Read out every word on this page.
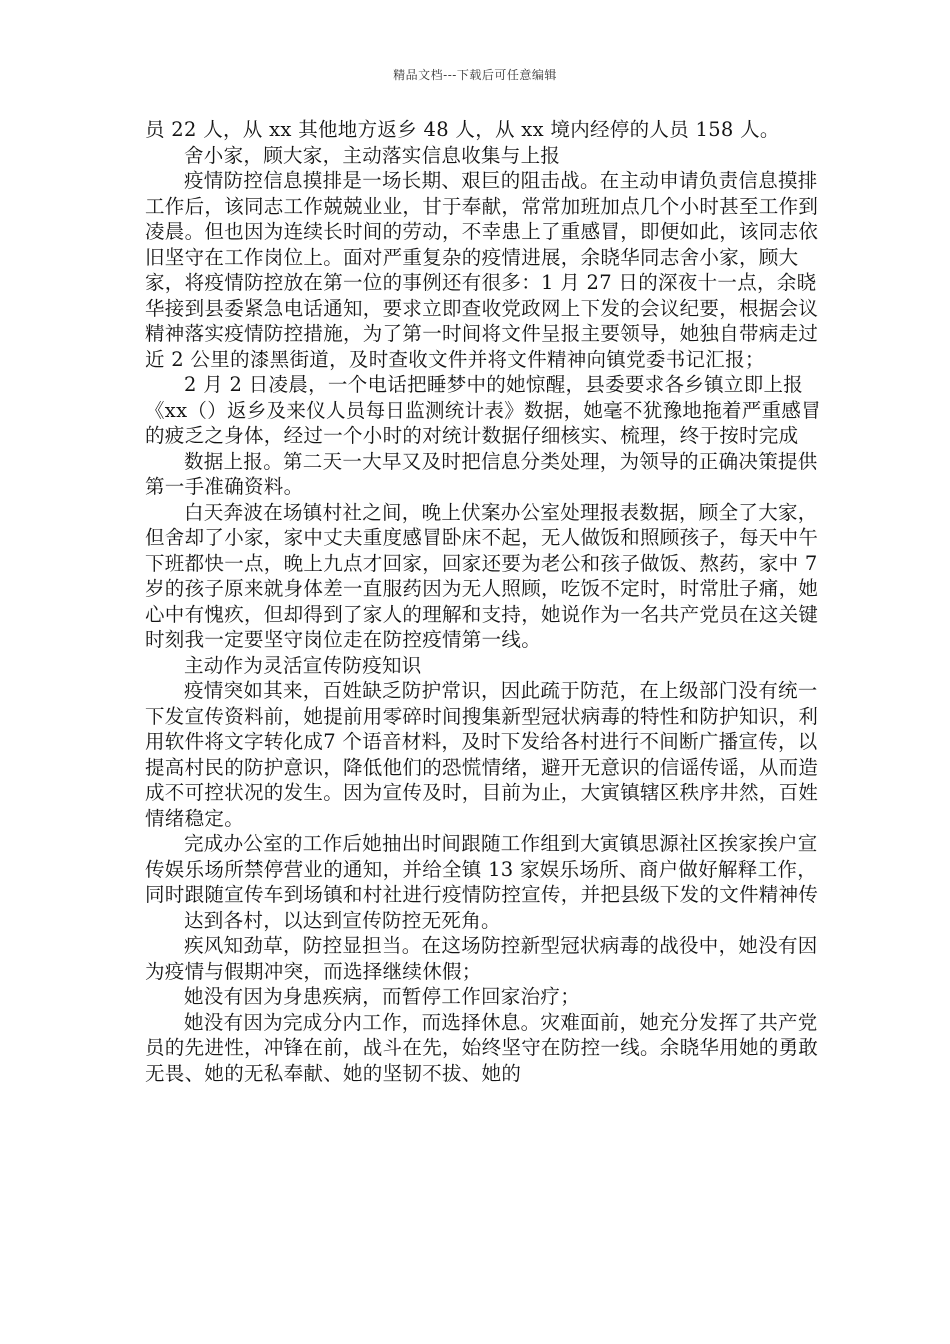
精品文档---下载后可任意编辑

员 22 人，从 xx 其他地方返乡 48 人，从 xx 境内经停的人员 158 人。

舍小家，顾大家，主动落实信息收集与上报

疫情防控信息摸排是一场长期、艰巨的阻击战。在主动申请负责信息摸排工作后，该同志工作兢兢业业，甘于奉献，常常加班加点几个小时甚至工作到凌晨。但也因为连续长时间的劳动，不幸患上了重感冒，即便如此，该同志依旧坚守在工作岗位上。面对严重复杂的疫情进展，余晓华同志舍小家，顾大家，将疫情防控放在第一位的事例还有很多：1 月 27 日的深夜十一点，余晓华接到县委紧急电话通知，要求立即查收党政网上下发的会议纪要，根据会议精神落实疫情防控措施，为了第一时间将文件呈报主要领导，她独自带病走过近 2 公里的漆黑街道，及时查收文件并将文件精神向镇党委书记汇报；

2 月 2 日凌晨，一个电话把睡梦中的她惊醒，县委要求各乡镇立即上报《xx（）返乡及来仪人员每日监测统计表》数据，她毫不犹豫地拖着严重感冒的疲乏之身体，经过一个小时的对统计数据仔细核实、梳理，终于按时完成

数据上报。第二天一大早又及时把信息分类处理，为领导的正确决策提供第一手准确资料。

白天奔波在场镇村社之间，晚上伏案办公室处理报表数据，顾全了大家，但舍却了小家，家中丈夫重度感冒卧床不起，无人做饭和照顾孩子，每天中午下班都快一点，晚上九点才回家，回家还要为老公和孩子做饭、熬药，家中 7 岁的孩子原来就身体差一直服药因为无人照顾，吃饭不定时，时常肚子痛，她心中有愧疚，但却得到了家人的理解和支持，她说作为一名共产党员在这关键时刻我一定要坚守岗位走在防控疫情第一线。

主动作为灵活宣传防疫知识

疫情突如其来，百姓缺乏防护常识，因此疏于防范，在上级部门没有统一下发宣传资料前，她提前用零碎时间搜集新型冠状病毒的特性和防护知识，利用软件将文字转化成7 个语音材料，及时下发给各村进行不间断广播宣传，以提高村民的防护意识，降低他们的恐慌情绪，避开无意识的信谣传谣，从而造成不可控状况的发生。因为宣传及时，目前为止，大寅镇辖区秩序井然，百姓情绪稳定。

完成办公室的工作后她抽出时间跟随工作组到大寅镇思源社区挨家挨户宣传娱乐场所禁停营业的通知，并给全镇 13 家娱乐场所、商户做好解释工作，同时跟随宣传车到场镇和村社进行疫情防控宣传，并把县级下发的文件精神传

达到各村，以达到宣传防控无死角。

疾风知劲草，防控显担当。在这场防控新型冠状病毒的战役中，她没有因为疫情与假期冲突，而选择继续休假；

她没有因为身患疾病，而暂停工作回家治疗；

她没有因为完成分内工作，而选择休息。灾难面前，她充分发挥了共产党员的先进性，冲锋在前，战斗在先，始终坚守在防控一线。余晓华用她的勇敢无畏、她的无私奉献、她的坚韧不拔、她的
